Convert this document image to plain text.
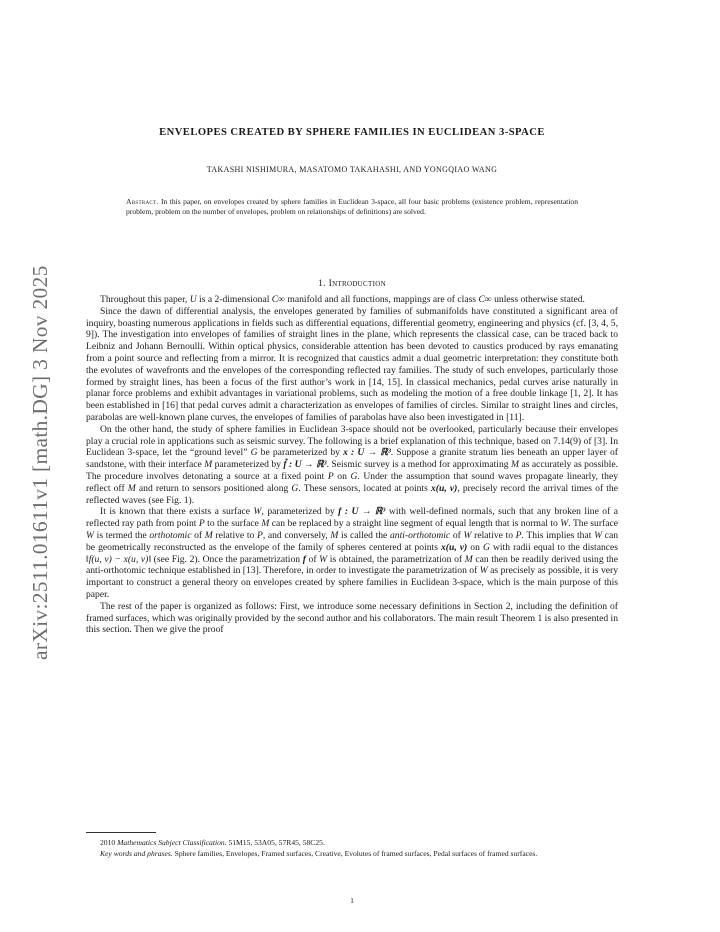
arXiv:2511.01611v1 [math.DG] 3 Nov 2025
ENVELOPES CREATED BY SPHERE FAMILIES IN EUCLIDEAN 3-SPACE
TAKASHI NISHIMURA, MASATOMO TAKAHASHI, AND YONGQIAO WANG
Abstract. In this paper, on envelopes created by sphere families in Euclidean 3-space, all four basic problems (existence problem, representation problem, problem on the number of envelopes, problem on relationships of definitions) are solved.
1. Introduction

Throughout this paper, U is a 2-dimensional C∞ manifold and all functions, mappings are of class C∞ unless otherwise stated.

Since the dawn of differential analysis, the envelopes generated by families of submanifolds have constituted a significant area of inquiry, boasting numerous applications in fields such as differential equations, differential geometry, engineering and physics (cf. [3, 4, 5, 9]). The investigation into envelopes of families of straight lines in the plane, which represents the classical case, can be traced back to Leibniz and Johann Bernoulli. Within optical physics, considerable attention has been devoted to caustics produced by rays emanating from a point source and reflecting from a mirror. It is recognized that caustics admit a dual geometric interpretation: they constitute both the evolutes of wavefronts and the envelopes of the corresponding reflected ray families. The study of such envelopes, particularly those formed by straight lines, has been a focus of the first author’s work in [14, 15]. In classical mechanics, pedal curves arise naturally in planar force problems and exhibit advantages in variational problems, such as modeling the motion of a free double linkage [1, 2]. It has been established in [16] that pedal curves admit a characterization as envelopes of families of circles. Similar to straight lines and circles, parabolas are well-known plane curves, the envelopes of families of parabolas have also been investigated in [11].

On the other hand, the study of sphere families in Euclidean 3-space should not be overlooked, particularly because their envelopes play a crucial role in applications such as seismic survey. The following is a brief explanation of this technique, based on 7.14(9) of [3]. In Euclidean 3-space, let the “ground level” G be parameterized by x : U → ℝ³. Suppose a granite stratum lies beneath an upper layer of sandstone, with their interface M parameterized by f̃ : U → ℝ³. Seismic survey is a method for approximating M as accurately as possible. The procedure involves detonating a source at a fixed point P on G. Under the assumption that sound waves propagate linearly, they reflect off M and return to sensors positioned along G. These sensors, located at points x(u, v), precisely record the arrival times of the reflected waves (see Fig. 1).

It is known that there exists a surface W, parameterized by f : U → ℝ³ with well-defined normals, such that any broken line of a reflected ray path from point P to the surface M can be replaced by a straight line segment of equal length that is normal to W. The surface W is termed the orthotomic of M relative to P, and conversely, M is called the anti-orthotomic of W relative to P. This implies that W can be geometrically reconstructed as the envelope of the family of spheres centered at points x(u, v) on G with radii equal to the distances ‖f(u, v) − x(u, v)‖ (see Fig. 2). Once the parametrization f of W is obtained, the parametrization of M can then be readily derived using the anti-orthotomic technique established in [13]. Therefore, in order to investigate the parametrization of W as precisely as possible, it is very important to construct a general theory on envelopes created by sphere families in Euclidean 3-space, which is the main purpose of this paper.

The rest of the paper is organized as follows: First, we introduce some necessary definitions in Section 2, including the definition of framed surfaces, which was originally provided by the second author and his collaborators. The main result Theorem 1 is also presented in this section. Then we give the proof

2010 Mathematics Subject Classification. 51M15, 53A05, 57R45, 58C25.

Key words and phrases. Sphere families, Envelopes, Framed surfaces, Creative, Evolutes of framed surfaces, Pedal surfaces of framed surfaces.

1
